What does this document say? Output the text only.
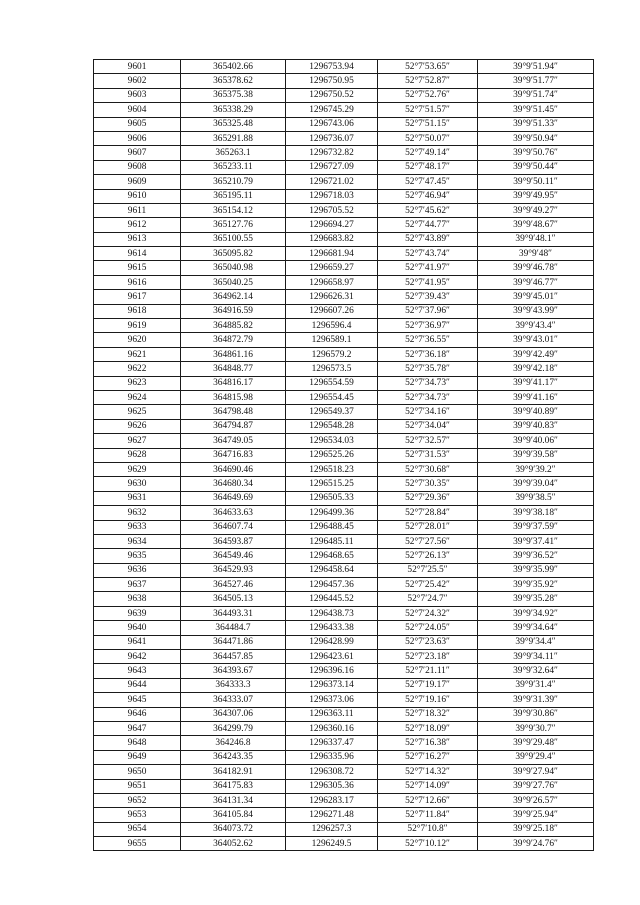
9601	365402.66	1296753.94	52°7′53.65″	39°9′51.94″
9602	365378.62	1296750.95	52°7′52.87″	39°9′51.77″
9603	365375.38	1296750.52	52°7′52.76″	39°9′51.74″
9604	365338.29	1296745.29	52°7′51.57″	39°9′51.45″
9605	365325.48	1296743.06	52°7′51.15″	39°9′51.33″
9606	365291.88	1296736.07	52°7′50.07″	39°9′50.94″
9607	365263.1	1296732.82	52°7′49.14″	39°9′50.76″
9608	365233.11	1296727.09	52°7′48.17″	39°9′50.44″
9609	365210.79	1296721.02	52°7′47.45″	39°9′50.11″
9610	365195.11	1296718.03	52°7′46.94″	39°9′49.95″
9611	365154.12	1296705.52	52°7′45.62″	39°9′49.27″
9612	365127.76	1296694.27	52°7′44.77″	39°9′48.67″
9613	365100.55	1296683.82	52°7′43.89″	39°9′48.1″
9614	365095.82	1296681.94	52°7′43.74″	39°9′48″
9615	365040.98	1296659.27	52°7′41.97″	39°9′46.78″
9616	365040.25	1296658.97	52°7′41.95″	39°9′46.77″
9617	364962.14	1296626.31	52°7′39.43″	39°9′45.01″
9618	364916.59	1296607.26	52°7′37.96″	39°9′43.99″
9619	364885.82	1296596.4	52°7′36.97″	39°9′43.4″
9620	364872.79	1296589.1	52°7′36.55″	39°9′43.01″
9621	364861.16	1296579.2	52°7′36.18″	39°9′42.49″
9622	364848.77	1296573.5	52°7′35.78″	39°9′42.18″
9623	364816.17	1296554.59	52°7′34.73″	39°9′41.17″
9624	364815.98	1296554.45	52°7′34.73″	39°9′41.16″
9625	364798.48	1296549.37	52°7′34.16″	39°9′40.89″
9626	364794.87	1296548.28	52°7′34.04″	39°9′40.83″
9627	364749.05	1296534.03	52°7′32.57″	39°9′40.06″
9628	364716.83	1296525.26	52°7′31.53″	39°9′39.58″
9629	364690.46	1296518.23	52°7′30.68″	39°9′39.2″
9630	364680.34	1296515.25	52°7′30.35″	39°9′39.04″
9631	364649.69	1296505.33	52°7′29.36″	39°9′38.5″
9632	364633.63	1296499.36	52°7′28.84″	39°9′38.18″
9633	364607.74	1296488.45	52°7′28.01″	39°9′37.59″
9634	364593.87	1296485.11	52°7′27.56″	39°9′37.41″
9635	364549.46	1296468.65	52°7′26.13″	39°9′36.52″
9636	364529.93	1296458.64	52°7′25.5″	39°9′35.99″
9637	364527.46	1296457.36	52°7′25.42″	39°9′35.92″
9638	364505.13	1296445.52	52°7′24.7″	39°9′35.28″
9639	364493.31	1296438.73	52°7′24.32″	39°9′34.92″
9640	364484.7	1296433.38	52°7′24.05″	39°9′34.64″
9641	364471.86	1296428.99	52°7′23.63″	39°9′34.4″
9642	364457.85	1296423.61	52°7′23.18″	39°9′34.11″
9643	364393.67	1296396.16	52°7′21.11″	39°9′32.64″
9644	364333.3	1296373.14	52°7′19.17″	39°9′31.4″
9645	364333.07	1296373.06	52°7′19.16″	39°9′31.39″
9646	364307.06	1296363.11	52°7′18.32″	39°9′30.86″
9647	364299.79	1296360.16	52°7′18.09″	39°9′30.7″
9648	364246.8	1296337.47	52°7′16.38″	39°9′29.48″
9649	364243.35	1296335.96	52°7′16.27″	39°9′29.4″
9650	364182.91	1296308.72	52°7′14.32″	39°9′27.94″
9651	364175.83	1296305.36	52°7′14.09″	39°9′27.76″
9652	364131.34	1296283.17	52°7′12.66″	39°9′26.57″
9653	364105.84	1296271.48	52°7′11.84″	39°9′25.94″
9654	364073.72	1296257.3	52°7′10.8″	39°9′25.18″
9655	364052.62	1296249.5	52°7′10.12″	39°9′24.76″
